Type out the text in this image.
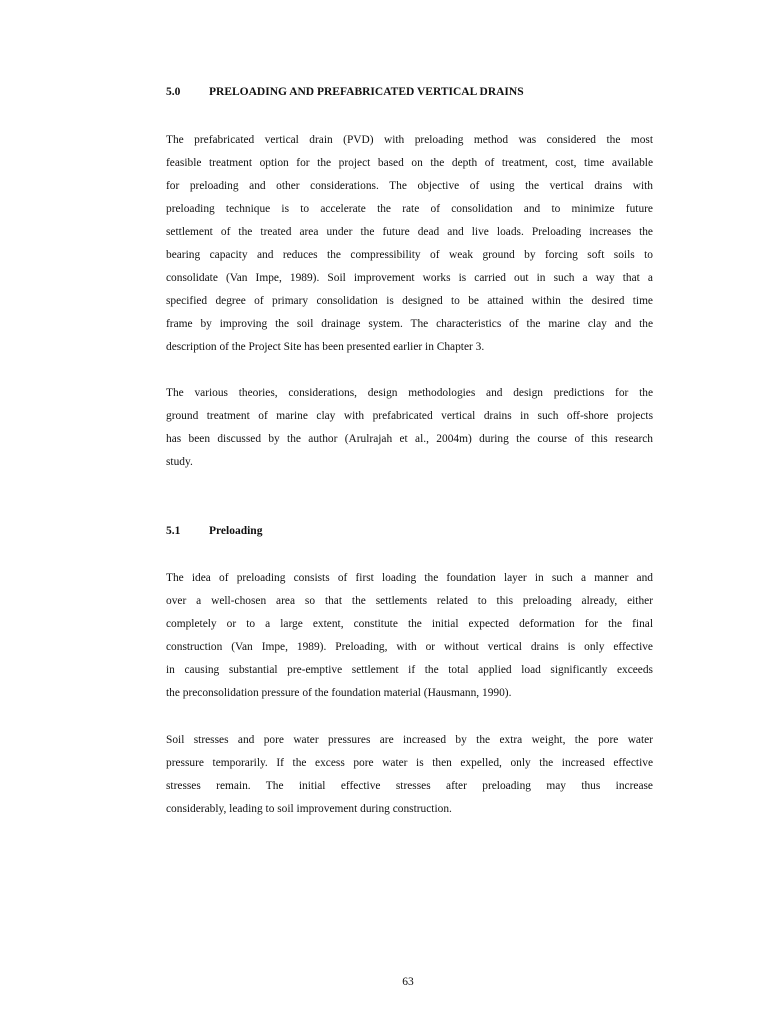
5.0	PRELOADING AND PREFABRICATED VERTICAL DRAINS
The prefabricated vertical drain (PVD) with preloading method was considered the most
feasible treatment option for the project based on the depth of treatment, cost, time available
for preloading and other considerations. The objective of using the vertical drains with
preloading technique is to accelerate the rate of consolidation and to minimize future
settlement of the treated area under the future dead and live loads. Preloading increases the
bearing capacity and reduces the compressibility of weak ground by forcing soft soils to
consolidate (Van Impe, 1989). Soil improvement works is carried out in such a way that a
specified degree of primary consolidation is designed to be attained within the desired time
frame by improving the soil drainage system. The characteristics of the marine clay and the
description of the Project Site has been presented earlier in Chapter 3.
The various theories, considerations, design methodologies and design predictions for the
ground treatment of marine clay with prefabricated vertical drains in such off-shore projects
has been discussed by the author (Arulrajah et al., 2004m) during the course of this research
study.
5.1	Preloading
The idea of preloading consists of first loading the foundation layer in such a manner and
over a well-chosen area so that the settlements related to this preloading already, either
completely or to a large extent, constitute the initial expected deformation for the final
construction (Van Impe, 1989). Preloading, with or without vertical drains is only effective
in causing substantial pre-emptive settlement if the total applied load significantly exceeds
the preconsolidation pressure of the foundation material (Hausmann, 1990).
Soil stresses and pore water pressures are increased by the extra weight, the pore water
pressure temporarily. If the excess pore water is then expelled, only the increased effective
stresses remain. The initial effective stresses after preloading may thus increase
considerably, leading to soil improvement during construction.
63
